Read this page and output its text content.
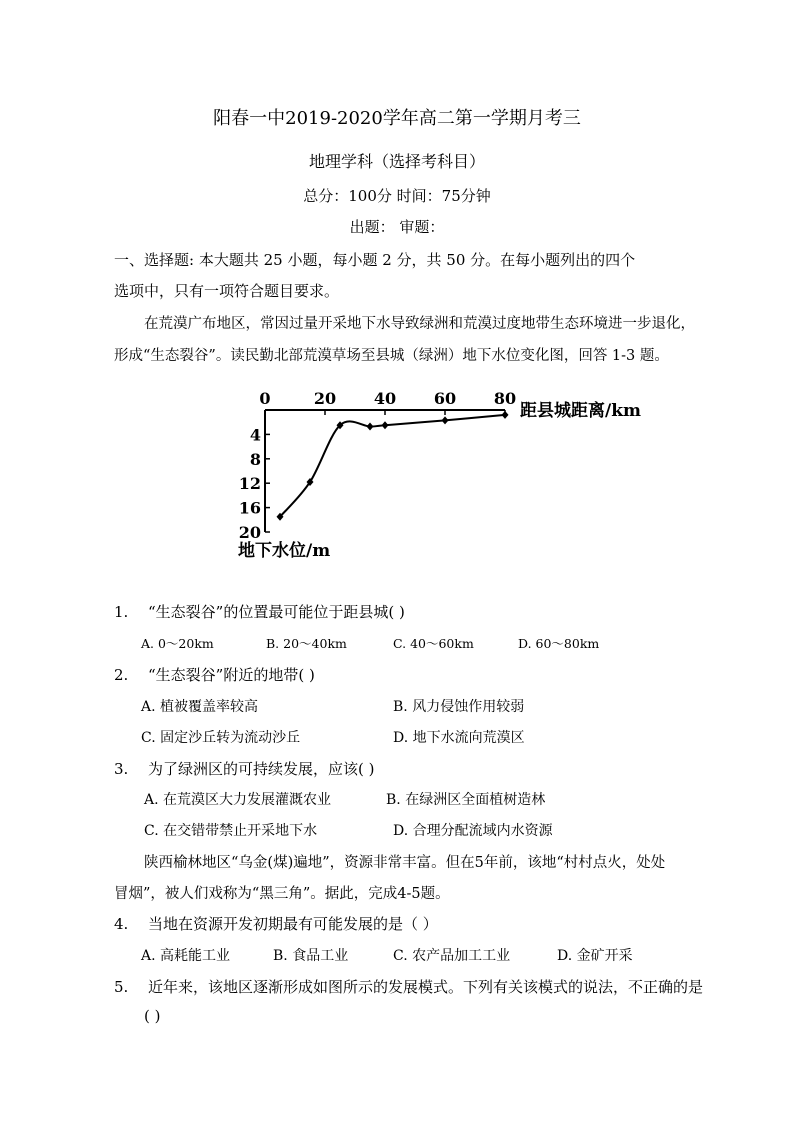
阳春一中2019-2020学年高二第一学期月考三
地理学科（选择考科目）
总分：100分 时间：75分钟
出题： 审题：
一、选择题: 本大题共 25 小题，每小题 2 分，共 50 分。在每小题列出的四个
选项中，只有一项符合题目要求。
在荒漠广布地区，常因过量开采地下水导致绿洲和荒漠过度地带生态环境进一步退化，
形成“生态裂谷”。读民勤北部荒漠草场至县城（绿洲）地下水位变化图，回答 1-3 题。
0	20 40 60 80
4
8
12
16
20
距县城距离/km
地下水位/m
1. “生态裂谷”的位置最可能位于距县城( )
A. 0～20km	B. 20～40km	C. 40～60km	D. 60～80km
2. “生态裂谷”附近的地带( )
A. 植被覆盖率较高	B. 风力侵蚀作用较弱
C. 固定沙丘转为流动沙丘	D. 地下水流向荒漠区
3. 为了绿洲区的可持续发展，应该( )
A. 在荒漠区大力发展灌溉农业	B. 在绿洲区全面植树造林
C. 在交错带禁止开采地下水	D. 合理分配流域内水资源
陕西榆林地区“乌金(煤)遍地”，资源非常丰富。但在5年前，该地“村村点火，处处
冒烟”，被人们戏称为“黑三角”。据此，完成4-5题。
4. 当地在资源开发初期最有可能发展的是（ ）
A. 高耗能工业	B. 食品工业	C. 农产品加工工业	D. 金矿开采
5. 近年来，该地区逐渐形成如图所示的发展模式。下列有关该模式的说法，不正确的是
( )
